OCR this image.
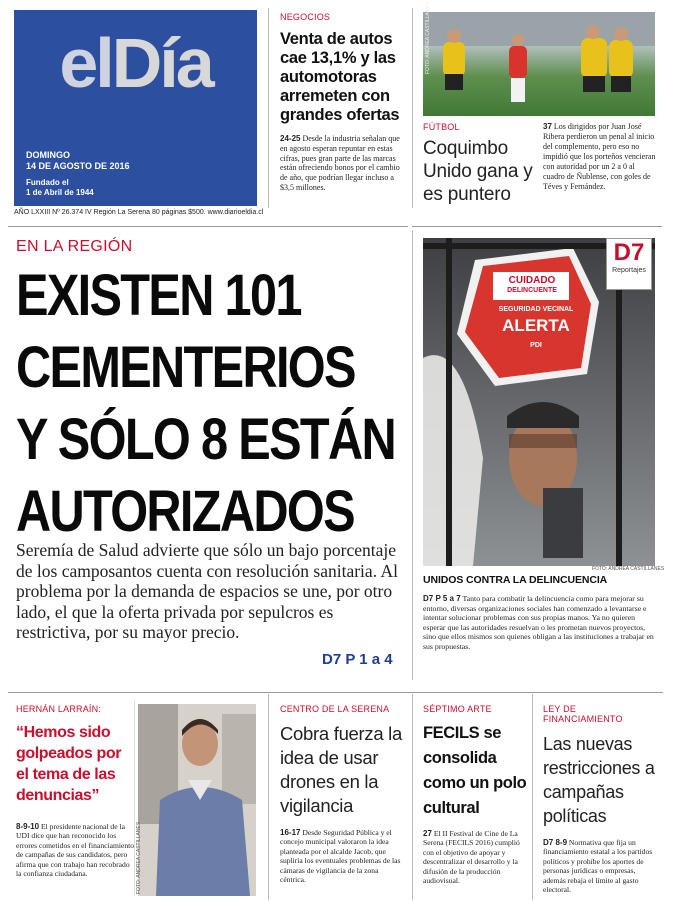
elDía
DOMINGO
14 DE AGOSTO DE 2016
Fundado el
1 de Abril de 1944
AÑO LXXIII Nº 26.374 IV Región La Serena 80 páginas $500. www.diarioeldia.cl
NEGOCIOS
Venta de autos cae 13,1% y las automotoras arremeten con grandes ofertas
24-25 Desde la industria señalan que en agosto esperan repuntar en estas cifras, pues gran parte de las marcas están ofreciendo bonos por el cambio de año, que podrían llegar incluso a $3,5 millones.
FOTO: ANDREA CASTILLANES
FÚTBOL
Coquimbo Unido gana y es puntero
37 Los dirigidos por Juan José Ribera perdieron un penal al inicio del complemento, pero eso no impidió que los porteños vencieran con autoridad por un 2 a 0 al cuadro de Ñublense, con goles de Téves y Fernández.
EN LA REGIÓN
EXISTEN 101
CEMENTERIOS
Y SÓLO 8 ESTÁN
AUTORIZADOS
Seremía de Salud advierte que sólo un bajo porcentaje de los camposantos cuenta con resolución sanitaria. Al problema por la demanda de espacios se une, por otro lado, el que la oferta privada por sepulcros es restrictiva, por su mayor precio.
D7 P 1 a 4
CUIDADO
DELINCUENTE
SEGURIDAD VECINAL
ALERTA
PDI
D7
Reportajes
FOTO: ANDREA CASTILLANES
UNIDOS CONTRA LA DELINCUENCIA
D7 P 5 a 7 Tanto para combatir la delincuencia como para mejorar su entorno, diversas organizaciones sociales han comenzado a levantarse e intentar solucionar problemas con sus propias manos. Ya no quieren esperar que las autoridades resuelvan o les prometan nuevos proyectos, sino que ellos mismos son quienes obligan a las instituciones a trabajar en sus propuestas.
HERNÁN LARRAÍN:
“Hemos sido golpeados por el tema de las denuncias”
8-9-10 El presidente nacional de la UDI dice que han reconocido los errores cometidos en el financiamiento de campañas de sus candidatos, pero afirma que con trabajo han recobrado la confianza ciudadana.	FOTO: ANDREA CASTILLANES
CENTRO DE LA SERENA
Cobra fuerza la idea de usar drones en la vigilancia
16-17 Desde Seguridad Pública y el concejo municipal valoraron la idea planteada por el alcalde Jacob, que supliría los eventuales problemas de las cámaras de vigilancia de la zona céntrica.
SÉPTIMO ARTE
FECILS se consolida como un polo cultural
27 El II Festival de Cine de La Serena (FECILS 2016) cumplió con el objetivo de apoyar y descentralizar el desarrollo y la difusión de la producción audiovisual.
LEY DE FINANCIAMIENTO
Las nuevas restricciones a campañas políticas
D7 8-9 Normativa que fija un financiamiento estatal a los partidos políticos y prohíbe los aportes de personas jurídicas o empresas, además rebaja el límite al gasto electoral.
